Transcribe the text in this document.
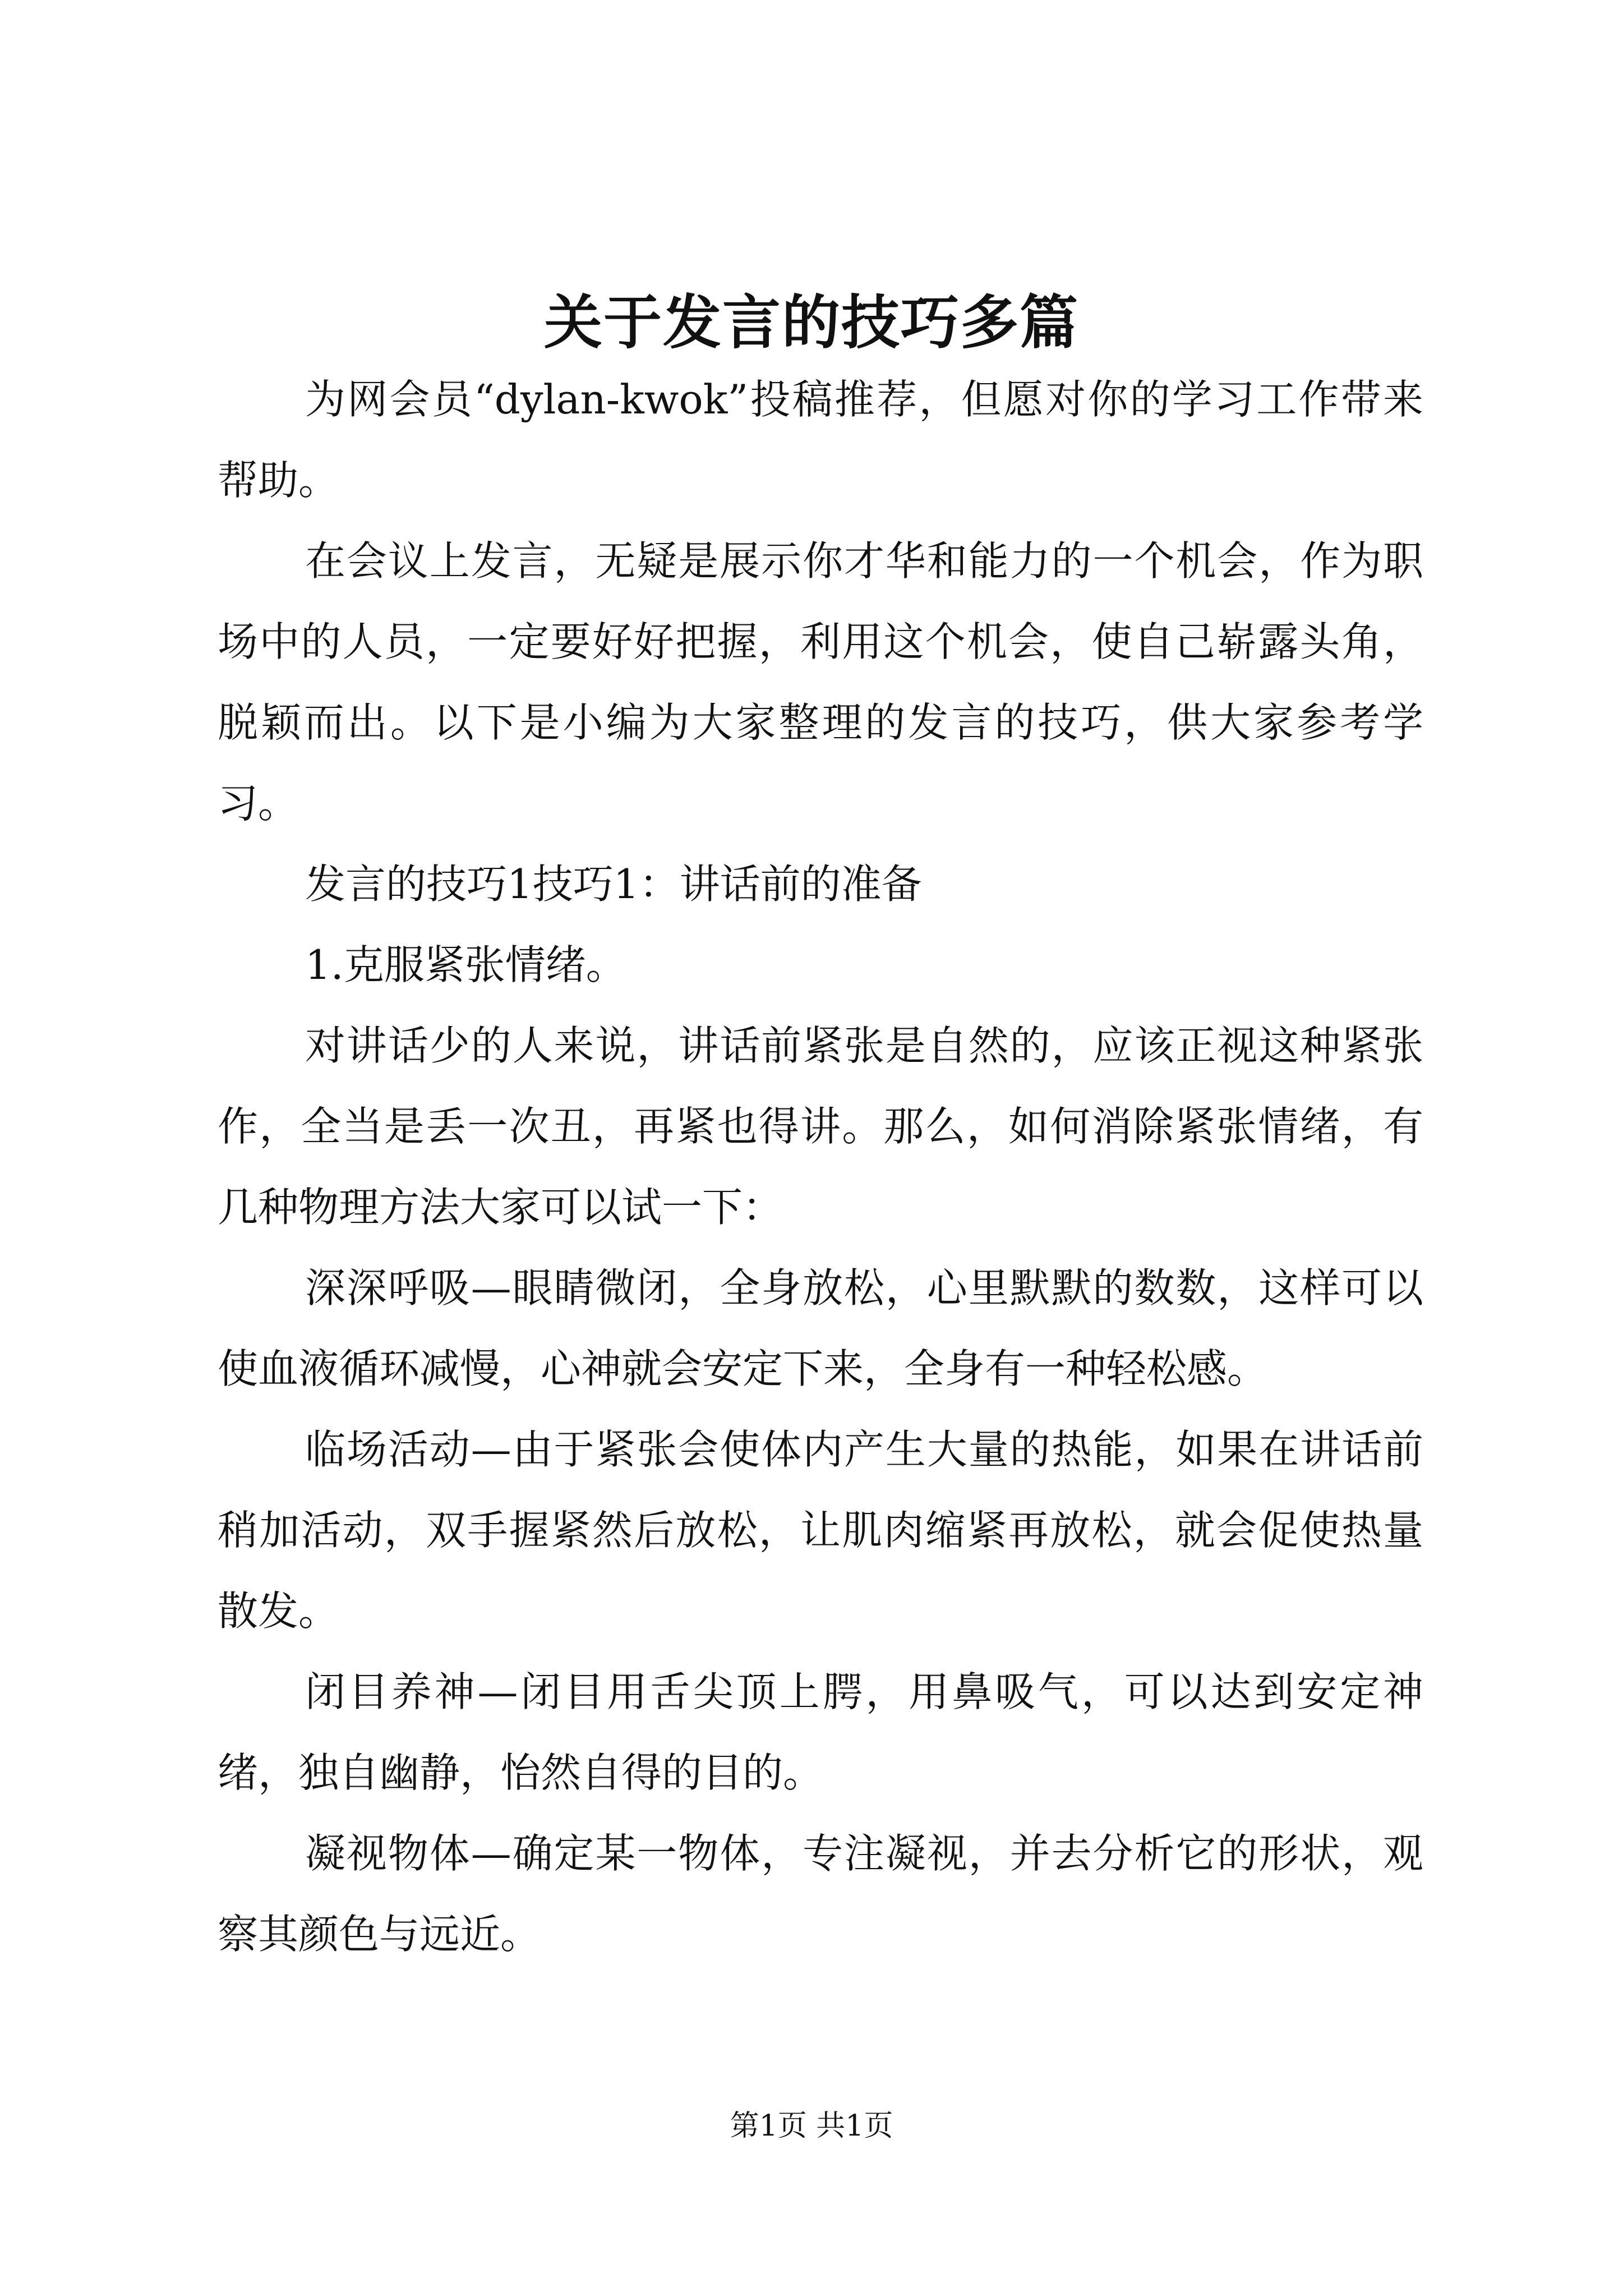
关于发言的技巧多篇

为网会员“dylan-kwok”投稿推荐，但愿对你的学习工作带来帮助。

在会议上发言，无疑是展示你才华和能力的一个机会，作为职场中的人员，一定要好好把握，利用这个机会，使自己崭露头角，脱颖而出。以下是小编为大家整理的发言的技巧，供大家参考学习。

发言的技巧1技巧1：讲话前的准备

1.克服紧张情绪。

对讲话少的人来说，讲话前紧张是自然的，应该正视这种紧张作，全当是丢一次丑，再紧也得讲。那么，如何消除紧张情绪，有几种物理方法大家可以试一下：

深深呼吸—眼睛微闭，全身放松，心里默默的数数，这样可以使血液循环减慢，心神就会安定下来，全身有一种轻松感。

临场活动—由于紧张会使体内产生大量的热能，如果在讲话前稍加活动，双手握紧然后放松，让肌肉缩紧再放松，就会促使热量散发。

闭目养神—闭目用舌尖顶上腭，用鼻吸气，可以达到安定神绪，独自幽静，怡然自得的目的。

凝视物体—确定某一物体，专注凝视，并去分析它的形状，观察其颜色与远近。

第1页 共1页
